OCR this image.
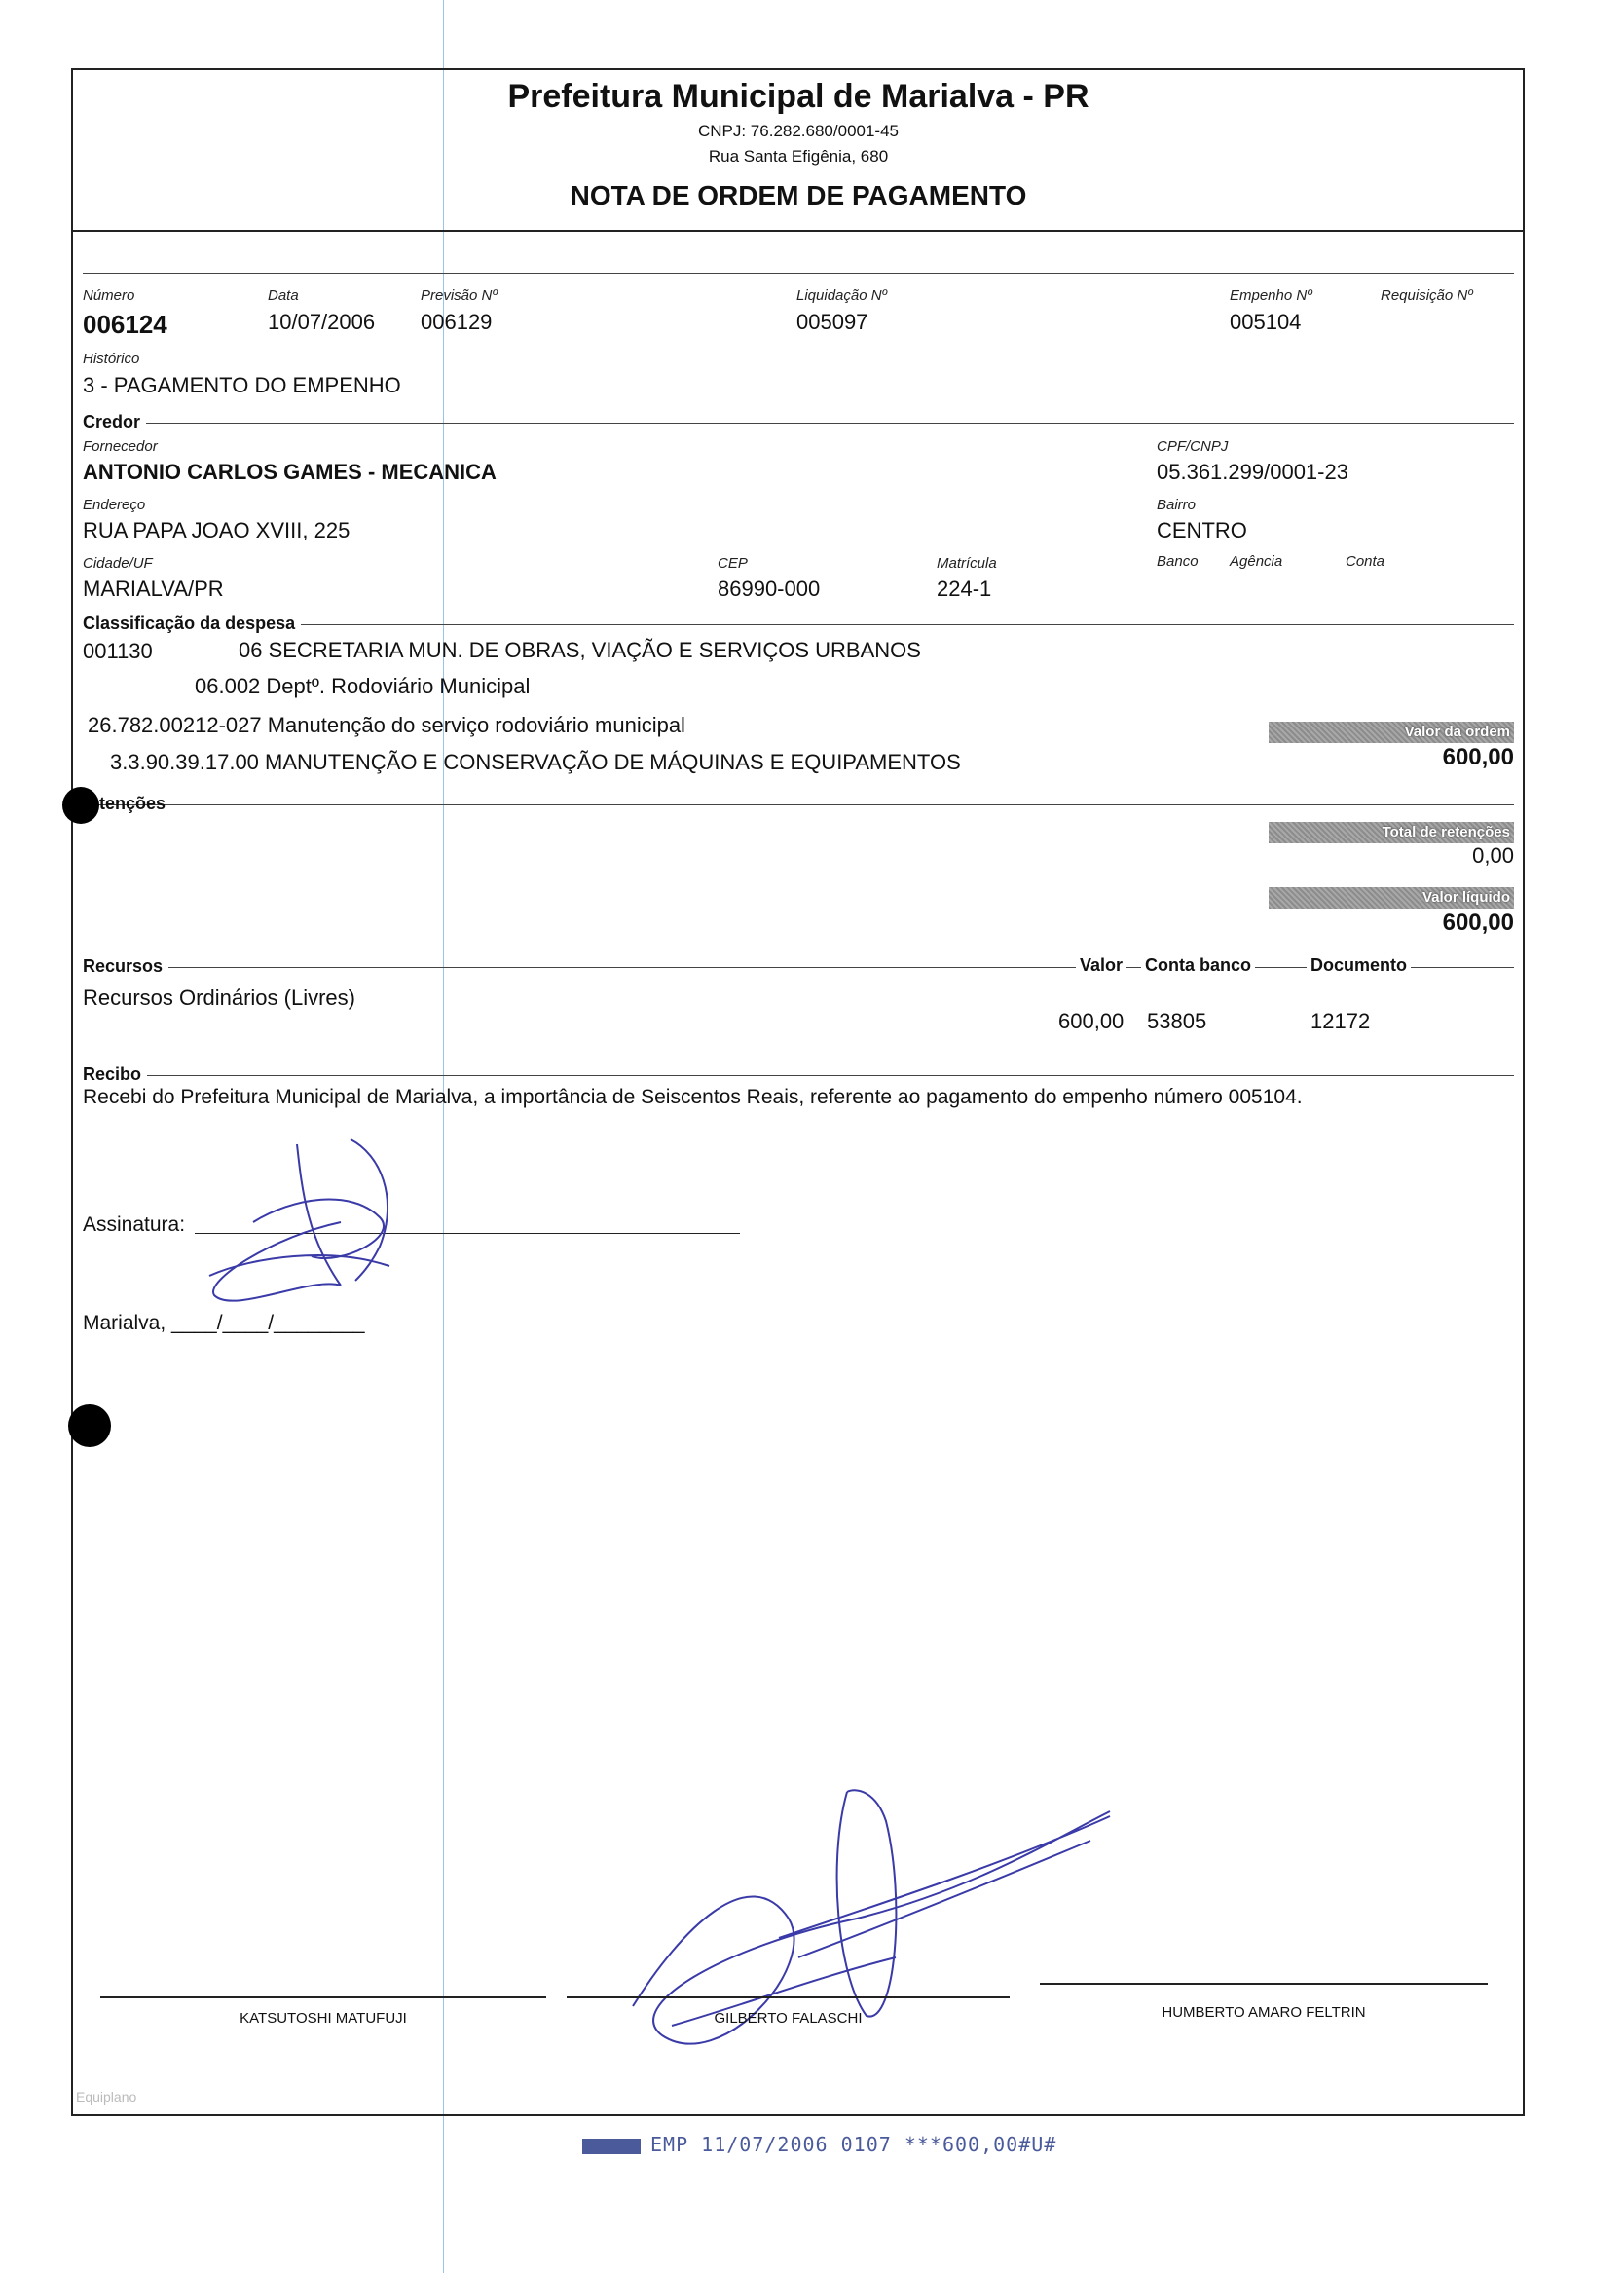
Prefeitura Municipal de Marialva - PR
CNPJ: 76.282.680/0001-45
Rua Santa Efigênia, 680
NOTA DE ORDEM DE PAGAMENTO
Número
006124
Data
10/07/2006
Previsão Nº
006129
Liquidação Nº
005097
Empenho Nº
005104
Requisição Nº
Histórico
3 - PAGAMENTO DO EMPENHO
Credor
Fornecedor
ANTONIO CARLOS GAMES - MECANICA
CPF/CNPJ
05.361.299/0001-23
Endereço
RUA PAPA JOAO XVIII, 225
Bairro
CENTRO
Cidade/UF
MARIALVA/PR
CEP
86990-000
Matrícula
224-1
Banco Agência	Conta
Classificação da despesa
001130	06 SECRETARIA MUN. DE OBRAS, VIAÇÃO E SERVIÇOS URBANOS
06.002 Deptº. Rodoviário Municipal
26.782.00212-027 Manutenção do serviço rodoviário municipal
3.3.90.39.17.00 MANUTENÇÃO E CONSERVAÇÃO DE MÁQUINAS E EQUIPAMENTOS
Valor da ordem
600,00
tenções
Total de retenções
0,00
Valor líquido
600,00
Recursos	Valor Conta banco	Documento
Recursos Ordinários (Livres)
600,00 53805	12172
Recibo
Recebi do Prefeitura Municipal de Marialva, a importância de Seiscentos Reais, referente ao pagamento do empenho número 005104.
Assinatura:
Marialva, ____/____/________
KATSUTOSHI MATUFUJI	GILBERTO FALASCHI	HUMBERTO AMARO FELTRIN
Equiplano
EMP 11/07/2006 0107 ***600,00#U#
